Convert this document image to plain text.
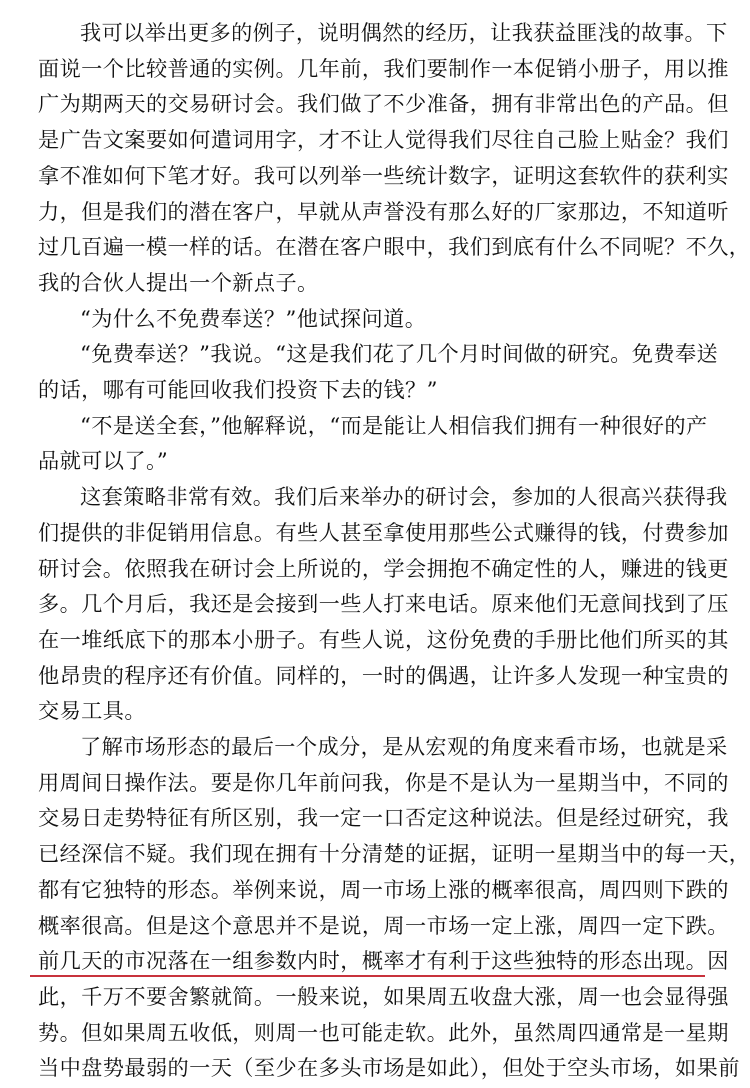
我可以举出更多的例子，说明偶然的经历，让我获益匪浅的故事。下
面说一个比较普通的实例。几年前，我们要制作一本促销小册子，用以推
广为期两天的交易研讨会。我们做了不少准备，拥有非常出色的产品。但
是广告文案要如何遣词用字，才不让人觉得我们尽往自己脸上贴金？我们
拿不准如何下笔才好。我可以列举一些统计数字，证明这套软件的获利实
力，但是我们的潜在客户，早就从声誉没有那么好的厂家那边，不知道听
过几百遍一模一样的话。在潜在客户眼中，我们到底有什么不同呢？不久，
我的合伙人提出一个新点子。
“为什么不免费奉送？”他试探问道。
“免费奉送？”我说。“这是我们花了几个月时间做的研究。免费奉送
的话，哪有可能回收我们投资下去的钱？”
“不是送全套，”他解释说，“而是能让人相信我们拥有一种很好的产
品就可以了。”
这套策略非常有效。我们后来举办的研讨会，参加的人很高兴获得我
们提供的非促销用信息。有些人甚至拿使用那些公式赚得的钱，付费参加
研讨会。依照我在研讨会上所说的，学会拥抱不确定性的人，赚进的钱更
多。几个月后，我还是会接到一些人打来电话。原来他们无意间找到了压
在一堆纸底下的那本小册子。有些人说，这份免费的手册比他们所买的其
他昂贵的程序还有价值。同样的，一时的偶遇，让许多人发现一种宝贵的
交易工具。
了解市场形态的最后一个成分，是从宏观的角度来看市场，也就是采
用周间日操作法。要是你几年前问我，你是不是认为一星期当中，不同的
交易日走势特征有所区别，我一定一口否定这种说法。但是经过研究，我
已经深信不疑。我们现在拥有十分清楚的证据，证明一星期当中的每一天，
都有它独特的形态。举例来说，周一市场上涨的概率很高，周四则下跌的
概率很高。但是这个意思并不是说，周一市场一定上涨，周四一定下跌。
前几天的市况落在一组参数内时，概率才有利于这些独特的形态出现。因
此，千万不要舍繁就简。一般来说，如果周五收盘大涨，周一也会显得强
势。但如果周五收低，则周一也可能走软。此外，虽然周四通常是一星期
当中盘势最弱的一天（至少在多头市场是如此），但处于空头市场，如果前
